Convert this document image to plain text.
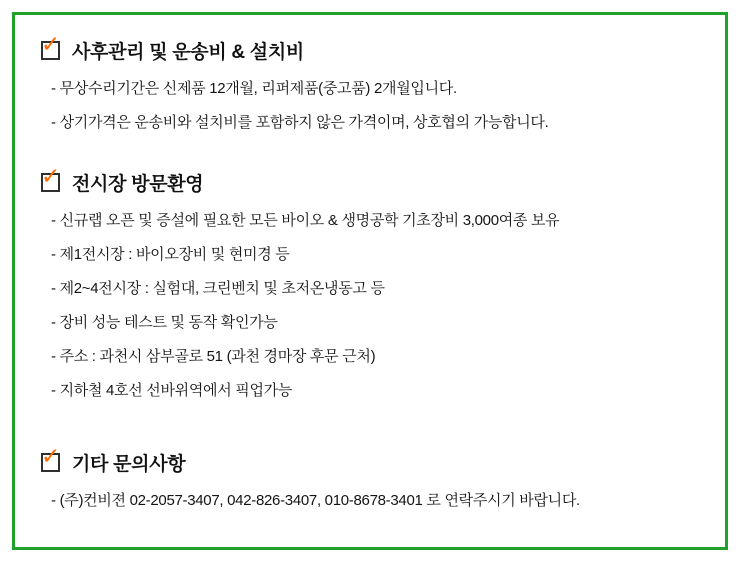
✓ 사후관리 및 운송비 & 설치비
- 무상수리기간은 신제품 12개월, 리퍼제품(중고품) 2개월입니다.
- 상기가격은 운송비와 설치비를 포함하지 않은 가격이며, 상호협의 가능합니다.
✓ 전시장 방문환영
- 신규랩 오픈 및 증설에 필요한 모든 바이오 & 생명공학 기초장비 3,000여종 보유
- 제1전시장 : 바이오장비 및 현미경 등
- 제2~4전시장 : 실험대, 크린벤치 및 초저온냉동고 등
- 장비 성능 테스트 및 동작 확인가능
- 주소 : 과천시 삼부골로 51 (과천 경마장 후문 근처)
- 지하철 4호선 선바위역에서 픽업가능
✓ 기타 문의사항
- (주)컨비젼 02-2057-3407, 042-826-3407, 010-8678-3401 로 연락주시기 바랍니다.
